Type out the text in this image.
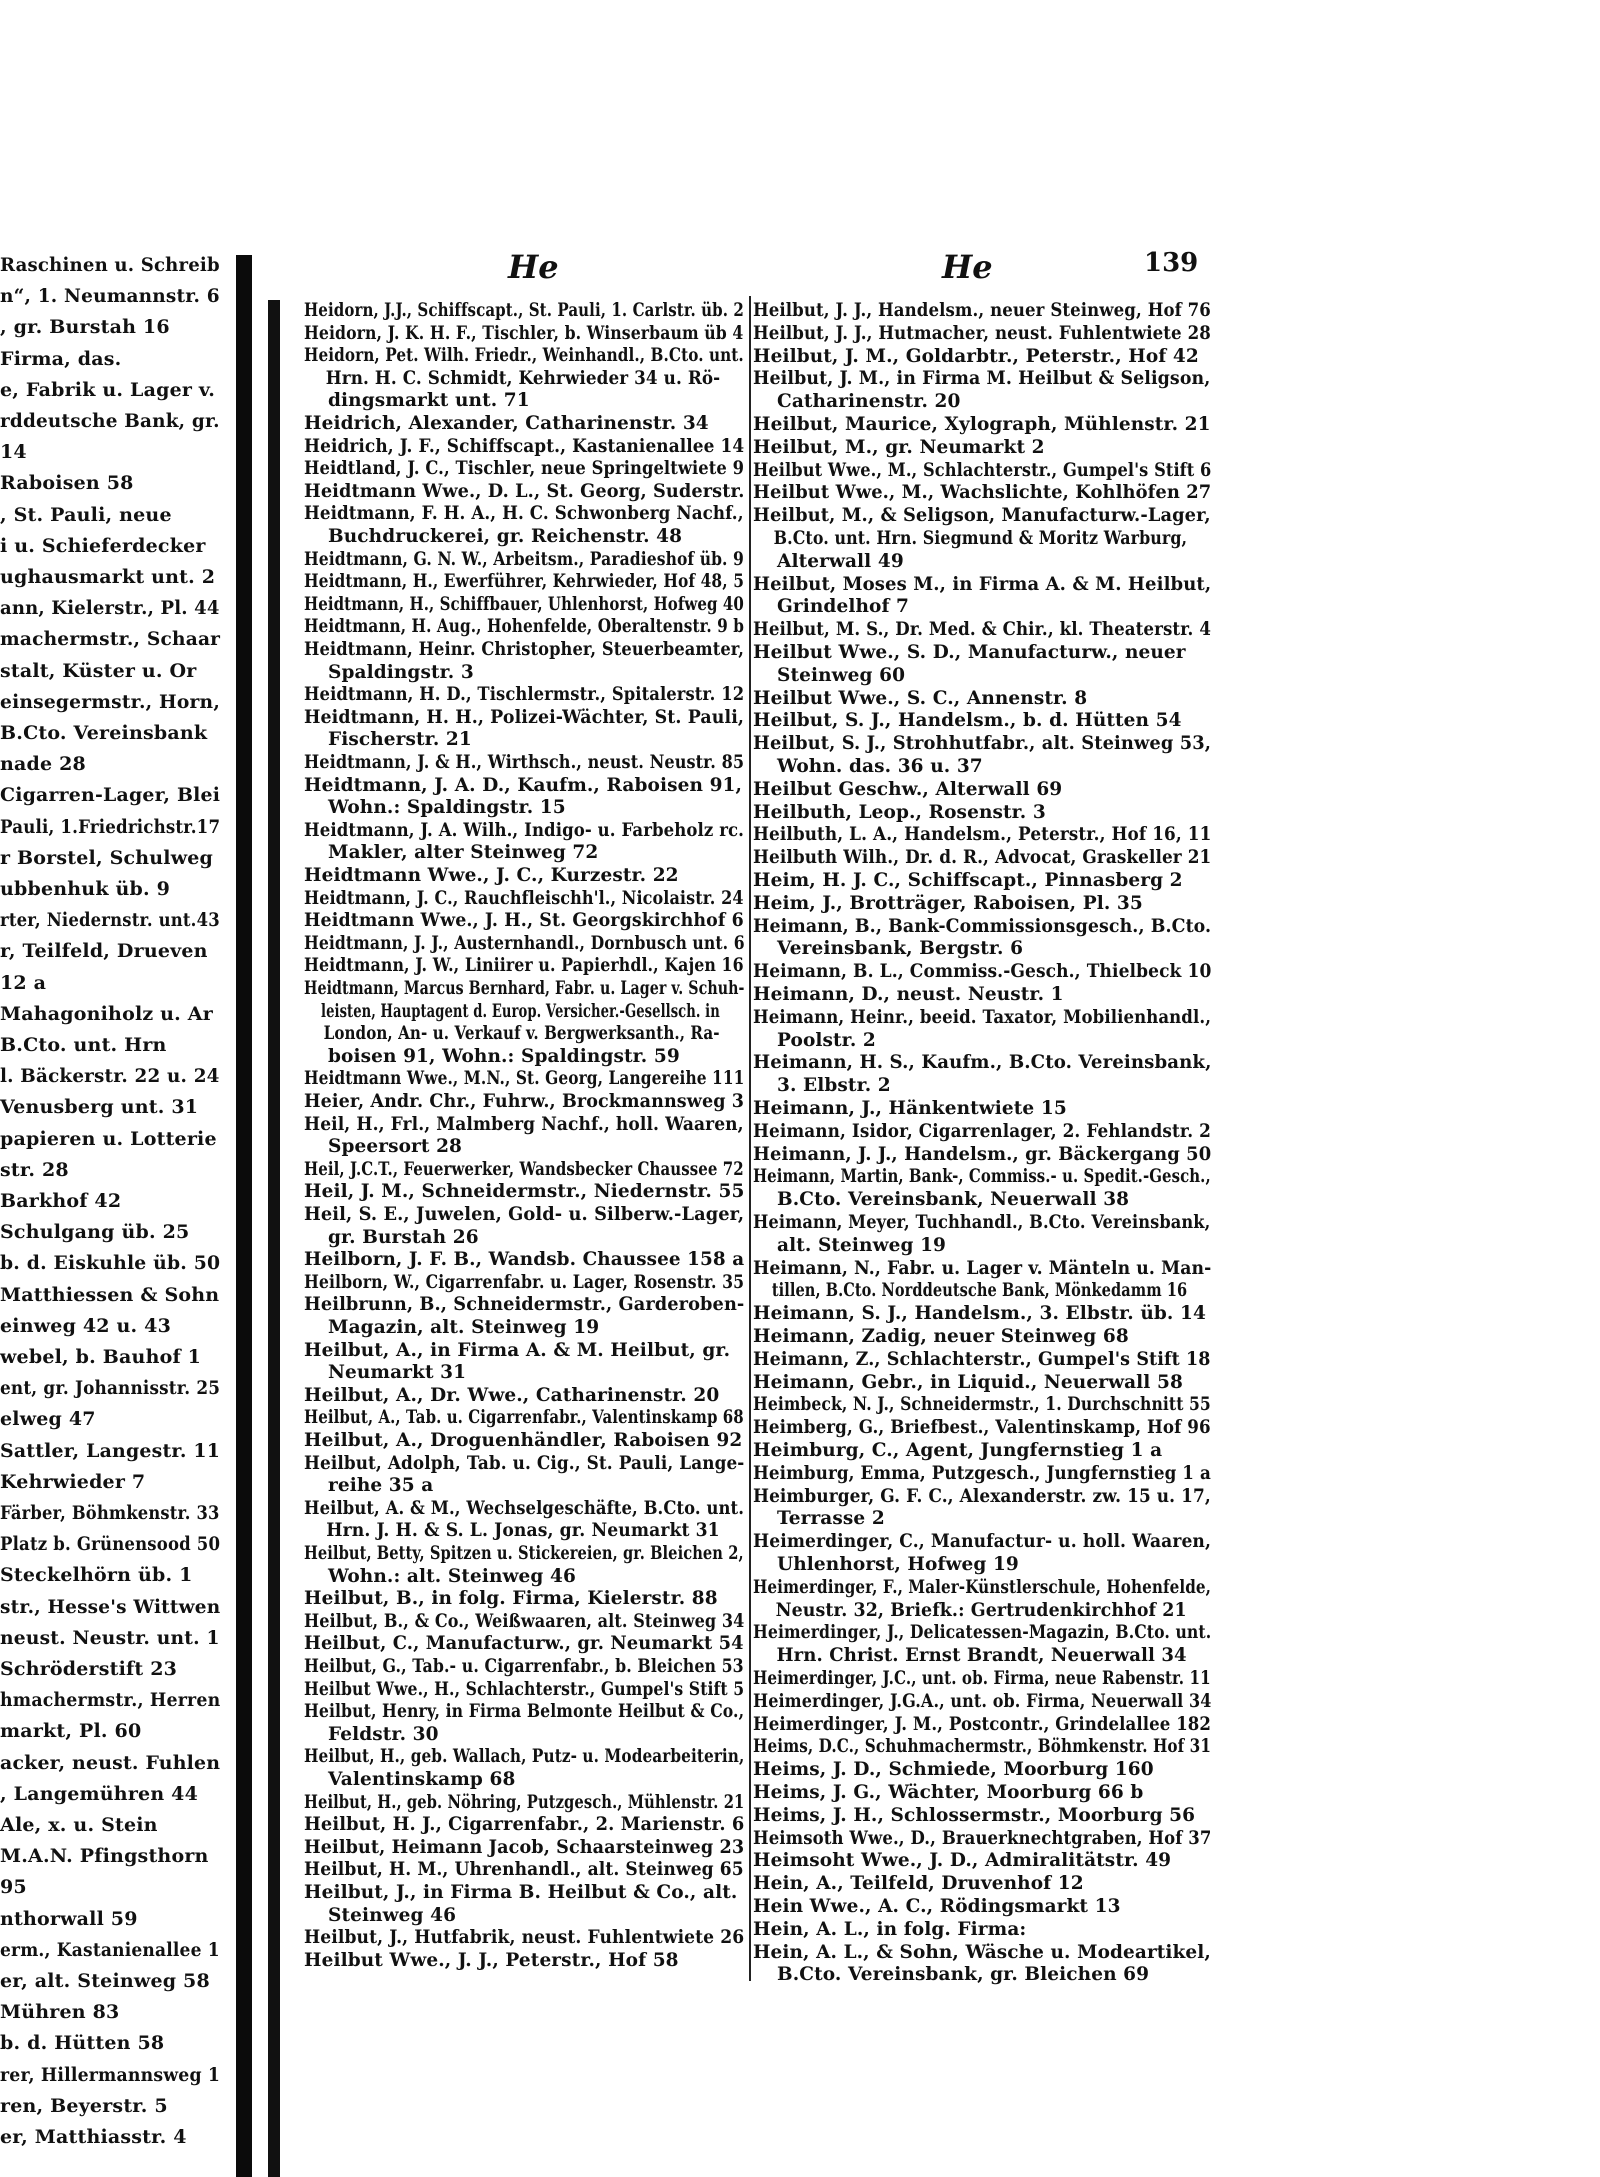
Raschinen u. Schreib
n“, 1. Neumannstr. 6
, gr. Burstah 16
Firma, das.
e, Fabrik u. Lager v.
rddeutsche Bank, gr.
14
Raboisen 58
, St. Pauli, neue
i u. Schieferdecker
ughausmarkt unt. 2
ann, Kielerstr., Pl. 44
machermstr., Schaar
stalt, Küster u. Or
einsegermstr., Horn,
B.Cto. Vereinsbank
nade 28
Cigarren-Lager, Blei
Pauli, 1.Friedrichstr.17
r Borstel, Schulweg
ubbenhuk üb. 9
rter, Niedernstr. unt.43
r, Teilfeld, Drueven
12 a
Mahagoniholz u. Ar
B.Cto. unt. Hrn
l. Bäckerstr. 22 u. 24
Venusberg unt. 31
papieren u. Lotterie
str. 28
Barkhof 42
Schulgang üb. 25
b. d. Eiskuhle üb. 50
Matthiessen & Sohn
einweg 42 u. 43
webel, b. Bauhof 1
ent, gr. Johannisstr. 25
elweg 47
Sattler, Langestr. 11
Kehrwieder 7
Färber, Böhmkenstr. 33
Platz b. Grünensood 50
Steckelhörn üb. 1
str., Hesse's Wittwen
neust. Neustr. unt. 1
Schröderstift 23
hmachermstr., Herren
markt, Pl. 60
acker, neust. Fuhlen
, Langemühren 44
Ale, x. u. Stein
M.A.N. Pfingsthorn
95
nthorwall 59
erm., Kastanienallee 1
er, alt. Steinweg 58
Mühren 83
b. d. Hütten 58
rer, Hillermannsweg 1
ren, Beyerstr. 5
er, Matthiasstr. 4
He	He	139
Heidorn, J.J., Schiffscapt., St. Pauli, 1. Carlstr. üb. 2
Heidorn, J. K. H. F., Tischler, b. Winserbaum üb 4
Heidorn, Pet. Wilh. Friedr., Weinhandl., B.Cto. unt.
Hrn. H. C. Schmidt, Kehrwieder 34 u. Rö-
dingsmarkt unt. 71
Heidrich, Alexander, Catharinenstr. 34
Heidrich, J. F., Schiffscapt., Kastanienallee 14
Heidtland, J. C., Tischler, neue Springeltwiete 9
Heidtmann Wwe., D. L., St. Georg, Suderstr.
Heidtmann, F. H. A., H. C. Schwonberg Nachf.,
Buchdruckerei, gr. Reichenstr. 48
Heidtmann, G. N. W., Arbeitsm., Paradieshof üb. 9
Heidtmann, H., Ewerführer, Kehrwieder, Hof 48, 5
Heidtmann, H., Schiffbauer, Uhlenhorst, Hofweg 40
Heidtmann, H. Aug., Hohenfelde, Oberaltenstr. 9 b
Heidtmann, Heinr. Christopher, Steuerbeamter,
Spaldingstr. 3
Heidtmann, H. D., Tischlermstr., Spitalerstr. 12
Heidtmann, H. H., Polizei-Wächter, St. Pauli,
Fischerstr. 21
Heidtmann, J. & H., Wirthsch., neust. Neustr. 85
Heidtmann, J. A. D., Kaufm., Raboisen 91,
Wohn.: Spaldingstr. 15
Heidtmann, J. A. Wilh., Indigo- u. Farbeholz rc.
Makler, alter Steinweg 72
Heidtmann Wwe., J. C., Kurzestr. 22
Heidtmann, J. C., Rauchfleischh'l., Nicolaistr. 24
Heidtmann Wwe., J. H., St. Georgskirchhof 6
Heidtmann, J. J., Austernhandl., Dornbusch unt. 6
Heidtmann, J. W., Liniirer u. Papierhdl., Kajen 16
Heidtmann, Marcus Bernhard, Fabr. u. Lager v. Schuh-
leisten, Hauptagent d. Europ. Versicher.-Gesellsch. in
London, An- u. Verkauf v. Bergwerksanth., Ra-
boisen 91, Wohn.: Spaldingstr. 59
Heidtmann Wwe., M.N., St. Georg, Langereihe 111
Heier, Andr. Chr., Fuhrw., Brockmannsweg 3
Heil, H., Frl., Malmberg Nachf., holl. Waaren,
Speersort 28
Heil, J.C.T., Feuerwerker, Wandsbecker Chaussee 72
Heil, J. M., Schneidermstr., Niedernstr. 55
Heil, S. E., Juwelen, Gold- u. Silberw.-Lager,
gr. Burstah 26
Heilborn, J. F. B., Wandsb. Chaussee 158 a
Heilborn, W., Cigarrenfabr. u. Lager, Rosenstr. 35
Heilbrunn, B., Schneidermstr., Garderoben-
Magazin, alt. Steinweg 19
Heilbut, A., in Firma A. & M. Heilbut, gr.
Neumarkt 31
Heilbut, A., Dr. Wwe., Catharinenstr. 20
Heilbut, A., Tab. u. Cigarrenfabr., Valentinskamp 68
Heilbut, A., Droguenhändler, Raboisen 92
Heilbut, Adolph, Tab. u. Cig., St. Pauli, Lange-
reihe 35 a
Heilbut, A. & M., Wechselgeschäfte, B.Cto. unt.
Hrn. J. H. & S. L. Jonas, gr. Neumarkt 31
Heilbut, Betty, Spitzen u. Stickereien, gr. Bleichen 2,
Wohn.: alt. Steinweg 46
Heilbut, B., in folg. Firma, Kielerstr. 88
Heilbut, B., & Co., Weißwaaren, alt. Steinweg 34
Heilbut, C., Manufacturw., gr. Neumarkt 54
Heilbut, G., Tab.- u. Cigarrenfabr., b. Bleichen 53
Heilbut Wwe., H., Schlachterstr., Gumpel's Stift 5
Heilbut, Henry, in Firma Belmonte Heilbut & Co.,
Feldstr. 30
Heilbut, H., geb. Wallach, Putz- u. Modearbeiterin,
Valentinskamp 68
Heilbut, H., geb. Nöhring, Putzgesch., Mühlenstr. 21
Heilbut, H. J., Cigarrenfabr., 2. Marienstr. 6
Heilbut, Heimann Jacob, Schaarsteinweg 23
Heilbut, H. M., Uhrenhandl., alt. Steinweg 65
Heilbut, J., in Firma B. Heilbut & Co., alt.
Steinweg 46
Heilbut, J., Hutfabrik, neust. Fuhlentwiete 26
Heilbut Wwe., J. J., Peterstr., Hof 58
Heilbut, J. J., Handelsm., neuer Steinweg, Hof 76
Heilbut, J. J., Hutmacher, neust. Fuhlentwiete 28
Heilbut, J. M., Goldarbtr., Peterstr., Hof 42
Heilbut, J. M., in Firma M. Heilbut & Seligson,
Catharinenstr. 20
Heilbut, Maurice, Xylograph, Mühlenstr. 21
Heilbut, M., gr. Neumarkt 2
Heilbut Wwe., M., Schlachterstr., Gumpel's Stift 6
Heilbut Wwe., M., Wachslichte, Kohlhöfen 27
Heilbut, M., & Seligson, Manufacturw.-Lager,
B.Cto. unt. Hrn. Siegmund & Moritz Warburg,
Alterwall 49
Heilbut, Moses M., in Firma A. & M. Heilbut,
Grindelhof 7
Heilbut, M. S., Dr. Med. & Chir., kl. Theaterstr. 4
Heilbut Wwe., S. D., Manufacturw., neuer
Steinweg 60
Heilbut Wwe., S. C., Annenstr. 8
Heilbut, S. J., Handelsm., b. d. Hütten 54
Heilbut, S. J., Strohhutfabr., alt. Steinweg 53,
Wohn. das. 36 u. 37
Heilbut Geschw., Alterwall 69
Heilbuth, Leop., Rosenstr. 3
Heilbuth, L. A., Handelsm., Peterstr., Hof 16, 11
Heilbuth Wilh., Dr. d. R., Advocat, Graskeller 21
Heim, H. J. C., Schiffscapt., Pinnasberg 2
Heim, J., Brotträger, Raboisen, Pl. 35
Heimann, B., Bank-Commissionsgesch., B.Cto.
Vereinsbank, Bergstr. 6
Heimann, B. L., Commiss.-Gesch., Thielbeck 10
Heimann, D., neust. Neustr. 1
Heimann, Heinr., beeid. Taxator, Mobilienhandl.,
Poolstr. 2
Heimann, H. S., Kaufm., B.Cto. Vereinsbank,
3. Elbstr. 2
Heimann, J., Hänkentwiete 15
Heimann, Isidor, Cigarrenlager, 2. Fehlandstr. 2
Heimann, J. J., Handelsm., gr. Bäckergang 50
Heimann, Martin, Bank-, Commiss.- u. Spedit.-Gesch.,
B.Cto. Vereinsbank, Neuerwall 38
Heimann, Meyer, Tuchhandl., B.Cto. Vereinsbank,
alt. Steinweg 19
Heimann, N., Fabr. u. Lager v. Mänteln u. Man-
tillen, B.Cto. Norddeutsche Bank, Mönkedamm 16
Heimann, S. J., Handelsm., 3. Elbstr. üb. 14
Heimann, Zadig, neuer Steinweg 68
Heimann, Z., Schlachterstr., Gumpel's Stift 18
Heimann, Gebr., in Liquid., Neuerwall 58
Heimbeck, N. J., Schneidermstr., 1. Durchschnitt 55
Heimberg, G., Briefbest., Valentinskamp, Hof 96
Heimburg, C., Agent, Jungfernstieg 1 a
Heimburg, Emma, Putzgesch., Jungfernstieg 1 a
Heimburger, G. F. C., Alexanderstr. zw. 15 u. 17,
Terrasse 2
Heimerdinger, C., Manufactur- u. holl. Waaren,
Uhlenhorst, Hofweg 19
Heimerdinger, F., Maler-Künstlerschule, Hohenfelde,
Neustr. 32, Briefk.: Gertrudenkirchhof 21
Heimerdinger, J., Delicatessen-Magazin, B.Cto. unt.
Hrn. Christ. Ernst Brandt, Neuerwall 34
Heimerdinger, J.C., unt. ob. Firma, neue Rabenstr. 11
Heimerdinger, J.G.A., unt. ob. Firma, Neuerwall 34
Heimerdinger, J. M., Postcontr., Grindelallee 182
Heims, D.C., Schuhmachermstr., Böhmkenstr. Hof 31
Heims, J. D., Schmiede, Moorburg 160
Heims, J. G., Wächter, Moorburg 66 b
Heims, J. H., Schlossermstr., Moorburg 56
Heimsoth Wwe., D., Brauerknechtgraben, Hof 37
Heimsoht Wwe., J. D., Admiralitätstr. 49
Hein, A., Teilfeld, Druvenhof 12
Hein Wwe., A. C., Rödingsmarkt 13
Hein, A. L., in folg. Firma:
Hein, A. L., & Sohn, Wäsche u. Modeartikel,
B.Cto. Vereinsbank, gr. Bleichen 69
